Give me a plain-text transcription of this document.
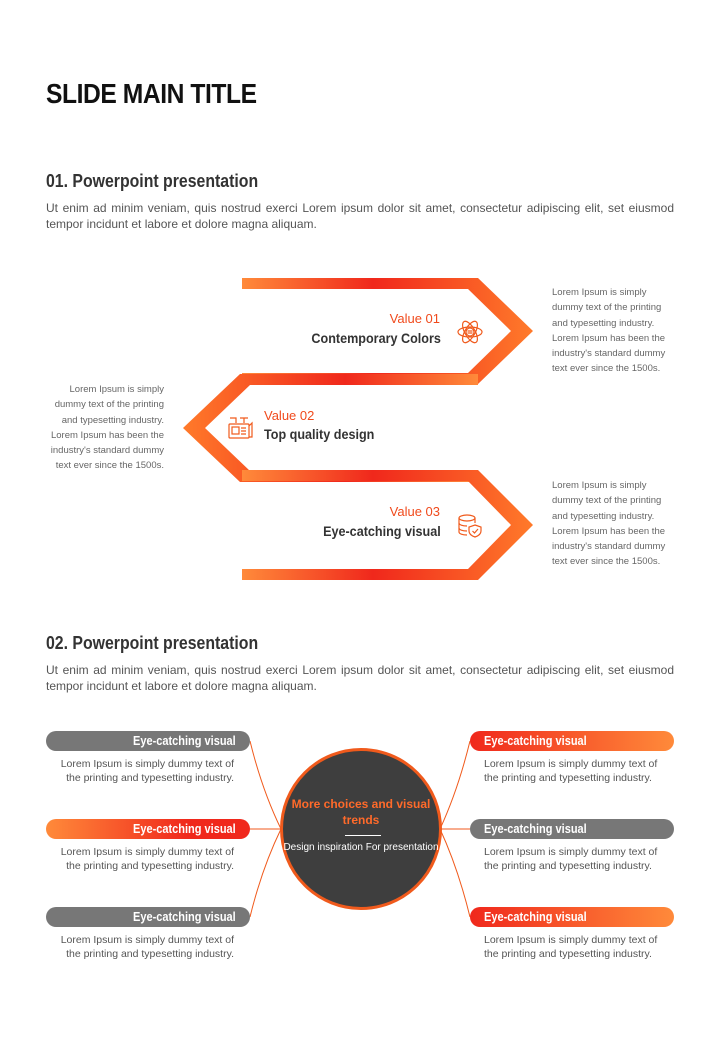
SLIDE MAIN TITLE
01. Powerpoint presentation
Ut enim ad minim veniam, quis nostrud exerci Lorem ipsum dolor sit amet, consectetur adipiscing elit, set eiusmod tempor incidunt et labore et dolore magna aliquam.
Value 01
Contemporary Colors
Lorem Ipsum is simply dummy text of the printing and typesetting industry. Lorem Ipsum has been the industry's standard dummy text ever since the 1500s.
Value 02
Top quality design
Lorem Ipsum is simply dummy text of the printing and typesetting industry. Lorem Ipsum has been the industry's standard dummy text ever since the 1500s.
Value 03
Eye-catching visual
Lorem Ipsum is simply dummy text of the printing and typesetting industry. Lorem Ipsum has been the industry's standard dummy text ever since the 1500s.
02. Powerpoint presentation
Ut enim ad minim veniam, quis nostrud exerci Lorem ipsum dolor sit amet, consectetur adipiscing elit, set eiusmod tempor incidunt et labore et dolore magna aliquam.
Eye-catching visual
Lorem Ipsum is simply dummy text of the printing and typesetting industry.
Eye-catching visual
Lorem Ipsum is simply dummy text of the printing and typesetting industry.
Eye-catching visual
Lorem Ipsum is simply dummy text of the printing and typesetting industry.
Eye-catching visual
Lorem Ipsum is simply dummy text of the printing and typesetting industry.
Eye-catching visual
Lorem Ipsum is simply dummy text of the printing and typesetting industry.
Eye-catching visual
Lorem Ipsum is simply dummy text of the printing and typesetting industry.
More choices and visual trends
Design inspiration For presentation
